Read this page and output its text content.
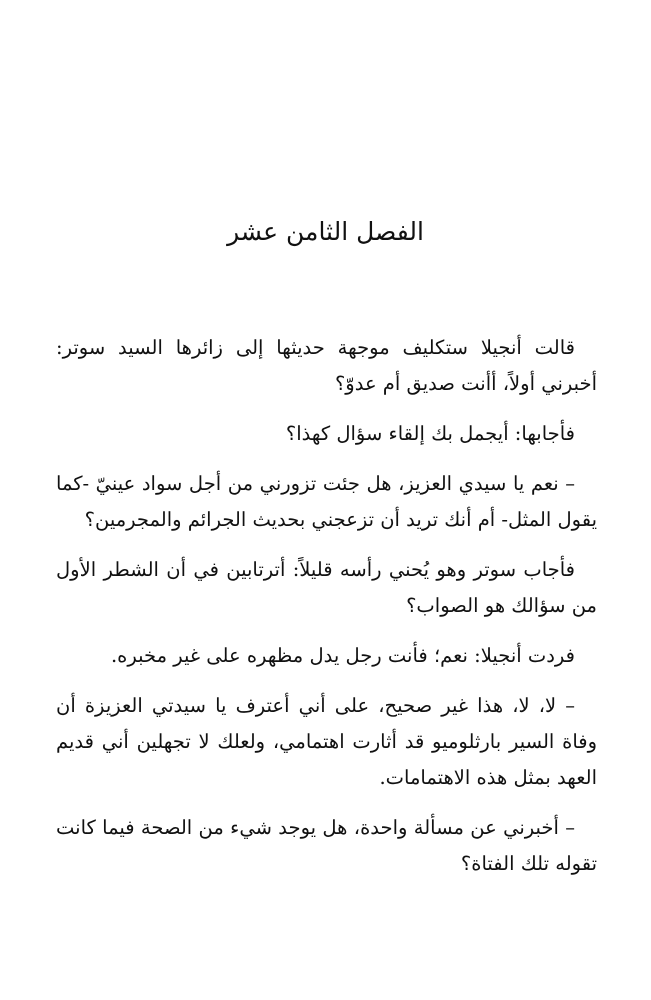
الفصل الثامن عشر

قالت أنجيلا ستكليف موجهة حديثها إلى زائرها السيد سوتر: أخبرني أولاً، أأنت صديق أم عدوّ؟

فأجابها: أيجمل بك إلقاء سؤال كهذا؟

– نعم يا سيدي العزيز، هل جئت تزورني من أجل سواد عينيّ -كما يقول المثل- أم أنك تريد أن تزعجني بحديث الجرائم والمجرمين؟

فأجاب سوتر وهو يُحني رأسه قليلاً: أترتابين في أن الشطر الأول من سؤالك هو الصواب؟

فردت أنجيلا: نعم؛ فأنت رجل يدل مظهره على غير مخبره.

– لا، لا، هذا غير صحيح، على أني أعترف يا سيدتي العزيزة أن وفاة السير بارثلوميو قد أثارت اهتمامي، ولعلك لا تجهلين أني قديم العهد بمثل هذه الاهتمامات.

– أخبرني عن مسألة واحدة، هل يوجد شيء من الصحة فيما كانت تقوله تلك الفتاة؟
